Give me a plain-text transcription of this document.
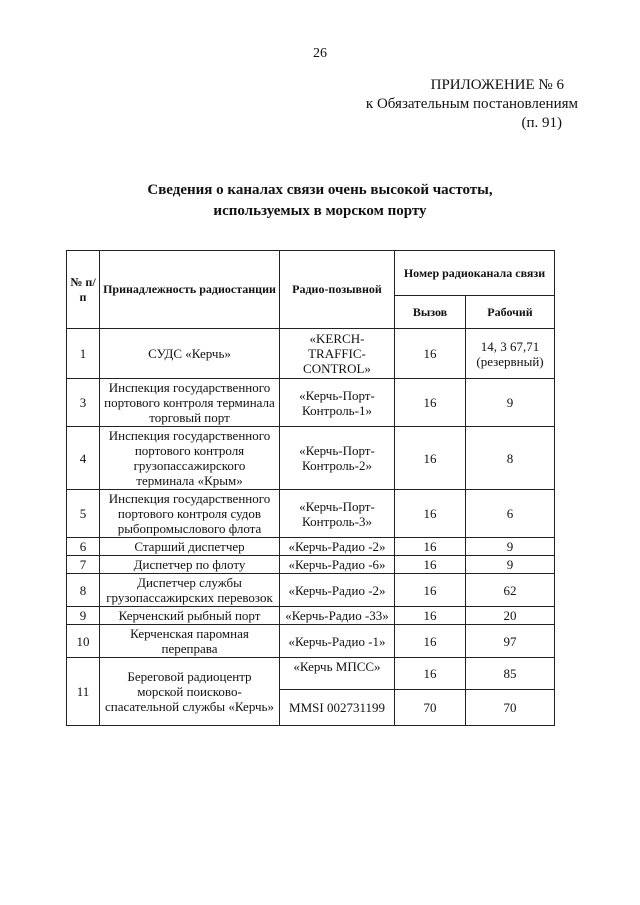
26
ПРИЛОЖЕНИЕ № 6
к Обязательным постановлениям
(п. 91)
Сведения о каналах связи очень высокой частоты,
используемых в морском порту
№ п/п	Принадлежность радиостанции	Радио-позывной	Номер радиоканала связи	
			Вызов	Рабочий
1	СУДС «Керчь»	«KERCH-TRAFFIC-CONTROL»	16	14, 3 67,71 (резервный)
3	Инспекция государственного портового контроля терминала торговый порт	«Керчь-Порт-Контроль-1»	16	9
4	Инспекция государственного портового контроля грузопассажирского терминала «Крым»	«Керчь-Порт-Контроль-2»	16	8
5	Инспекция государственного портового контроля судов рыбопромыслового флота	«Керчь-Порт-Контроль-3»	16	6
6	Старший диспетчер	«Керчь-Радио -2»	16	9
7	Диспетчер по флоту	«Керчь-Радио -6»	16	9
8	Диспетчер службы грузопассажирских перевозок	«Керчь-Радио -2»	16	62
9	Керченский рыбный порт	«Керчь-Радио -33»	16	20
10	Керченская паромная переправа	«Керчь-Радио -1»	16	97
11	Береговой радиоцентр морской поисково-спасательной службы «Керчь»	«Керчь МПСС»	16	85
		MMSI 002731199	70	70
